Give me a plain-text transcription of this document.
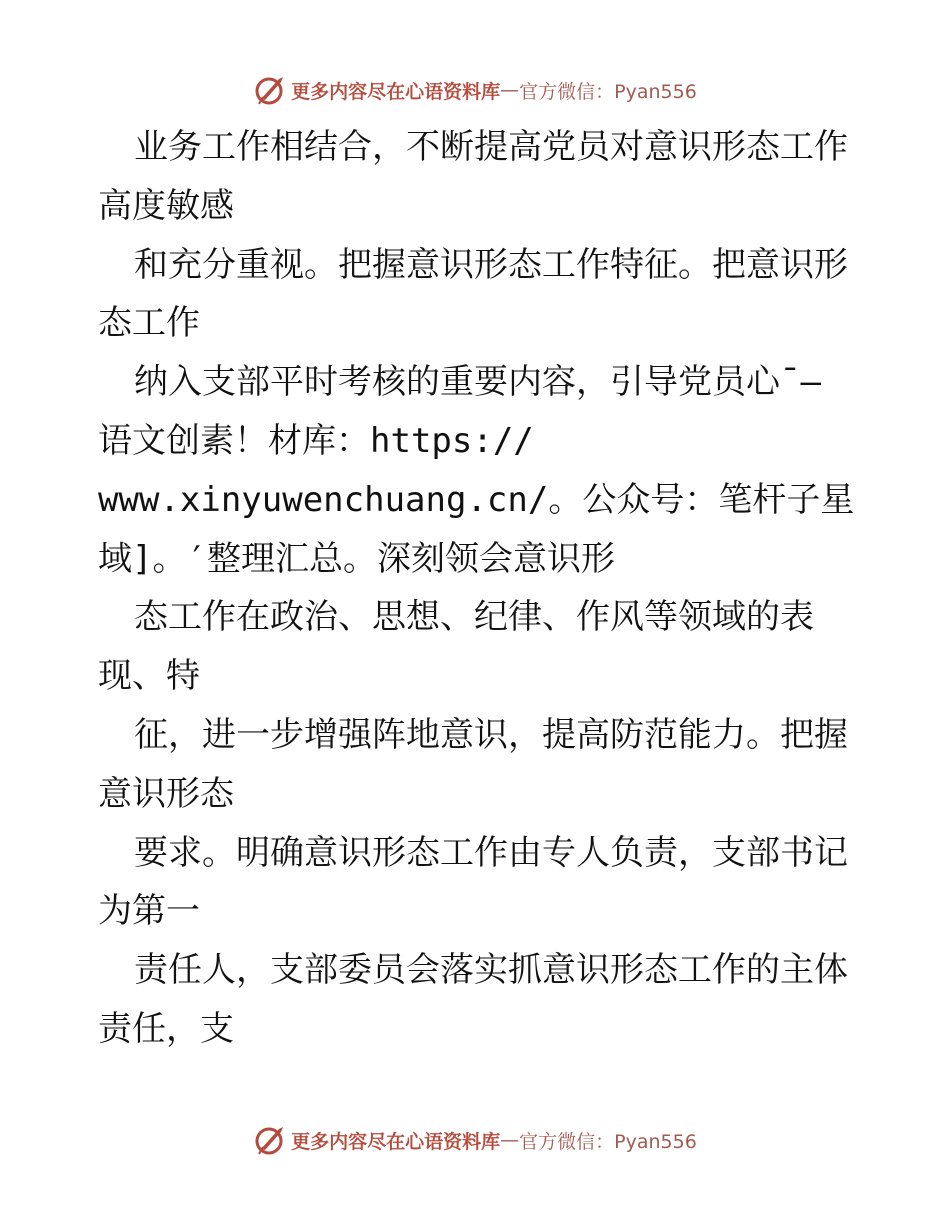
更多内容尽在心语资料库 — 官方微信：Pyan556
业务工作相结合，不断提高党员对意识形态工作
高度敏感
和充分重视。把握意识形态工作特征。把意识形
态工作
纳入支部平时考核的重要内容，引导党员心¯—
语文创素！材库：https://
www.xinyuwenchuang.cn/。公众号：笔杆子星
域]。′整理汇总。深刻领会意识形
态工作在政治、思想、纪律、作风等领域的表
现、特
征，进一步增强阵地意识，提高防范能力。把握
意识形态
要求。明确意识形态工作由专人负责，支部书记
为第一
责任人，支部委员会落实抓意识形态工作的主体
责任，支
更多内容尽在心语资料库 — 官方微信：Pyan556
